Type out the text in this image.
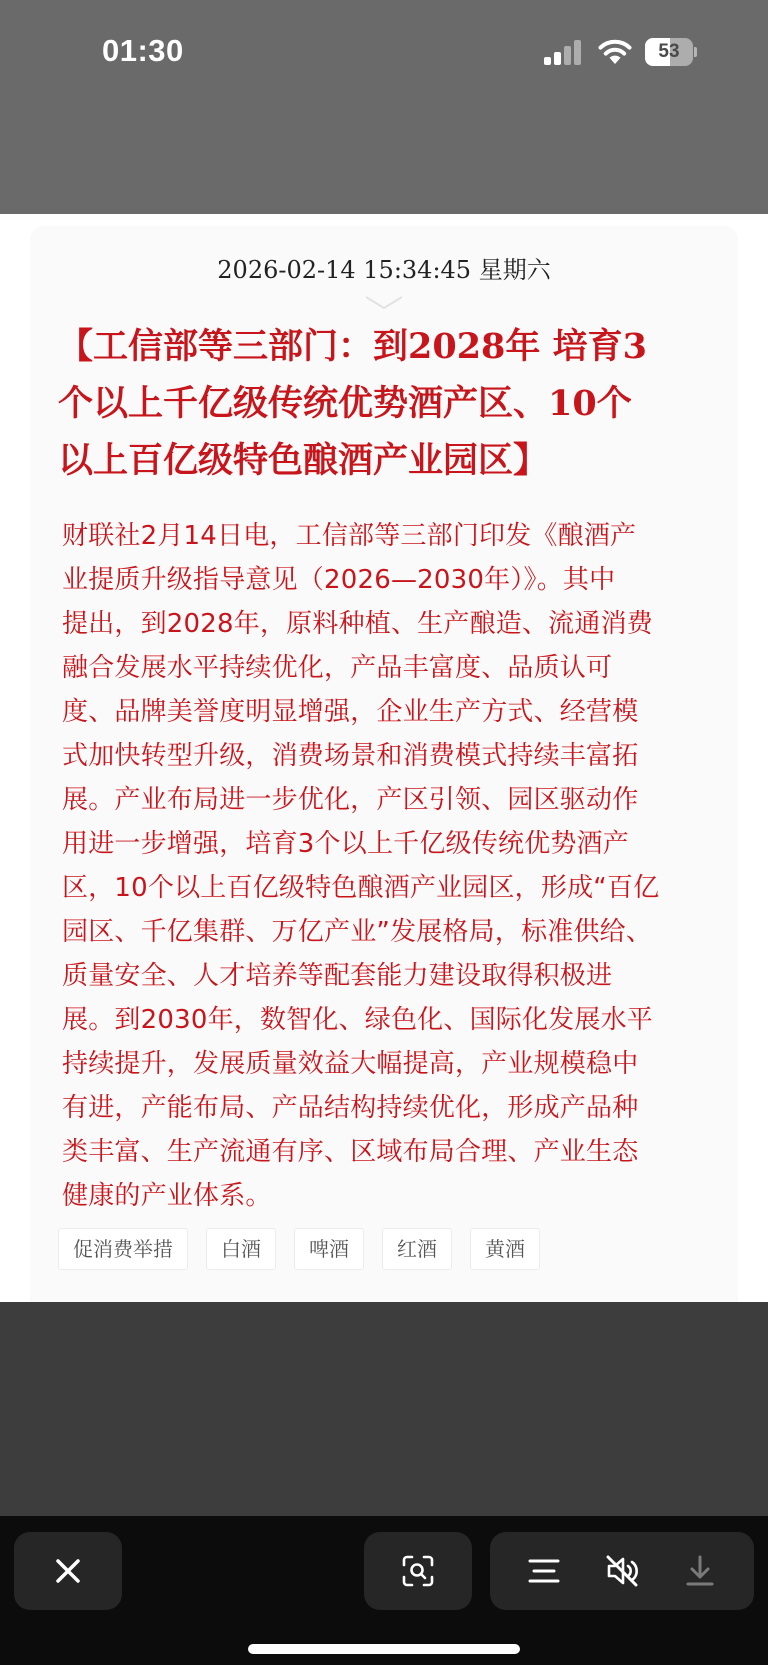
01:30	53
2026-02-14 15:34:45 星期六
【工信部等三部门：到2028年 培育3
个以上千亿级传统优势酒产区、10个
以上百亿级特色酿酒产业园区】
财联社2月14日电，工信部等三部门印发《酿酒产
业提质升级指导意见（2026—2030年）》。其中
提出，到2028年，原料种植、生产酿造、流通消费
融合发展水平持续优化，产品丰富度、品质认可
度、品牌美誉度明显增强，企业生产方式、经营模
式加快转型升级，消费场景和消费模式持续丰富拓
展。产业布局进一步优化，产区引领、园区驱动作
用进一步增强，培育3个以上千亿级传统优势酒产
区，10个以上百亿级特色酿酒产业园区，形成“百亿
园区、千亿集群、万亿产业”发展格局，标准供给、
质量安全、人才培养等配套能力建设取得积极进
展。到2030年，数智化、绿色化、国际化发展水平
持续提升，发展质量效益大幅提高，产业规模稳中
有进，产能布局、产品结构持续优化，形成产品种
类丰富、生产流通有序、区域布局合理、产业生态
健康的产业体系。
促消费举措	白酒	啤酒	红酒	黄酒
